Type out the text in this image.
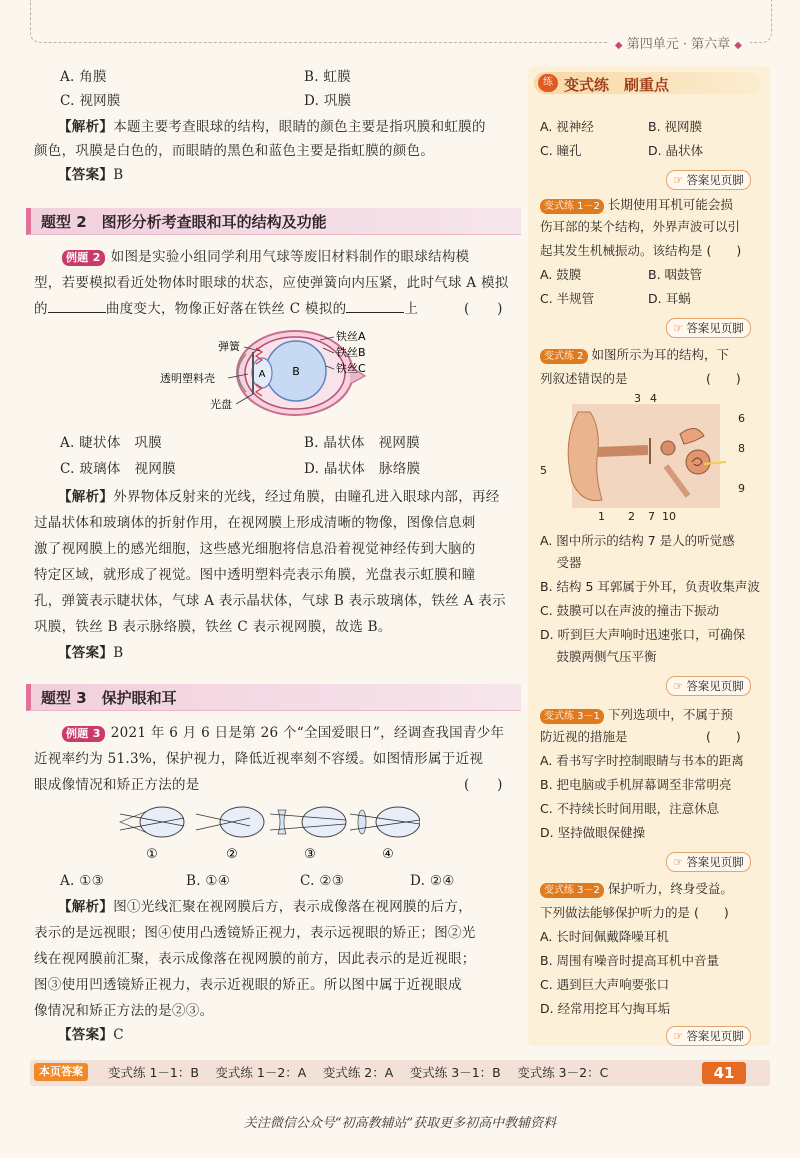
◆ 第四单元 · 第六章 ◆
A. 角膜	B. 虹膜
C. 视网膜	D. 巩膜
【解析】本题主要考查眼球的结构，眼睛的颜色主要是指巩膜和虹膜的
颜色，巩膜是白色的，而眼睛的黑色和蓝色主要是指虹膜的颜色。
【答案】B
题型 2　图形分析考查眼和耳的结构及功能
例题 2 如图是实验小组同学利用气球等废旧材料制作的眼球结构模
型，若要模拟看近处物体时眼球的状态，应使弹簧向内压紧，此时气球 A 模拟
的	曲度变大，物像正好落在铁丝 C 模拟的	上	(　　)
A B
弹簧
透明塑料壳
光盘
铁丝A
铁丝B
铁丝C
A. 睫状体　巩膜	B. 晶状体　视网膜
C. 玻璃体　视网膜	D. 晶状体　脉络膜
【解析】外界物体反射来的光线，经过角膜，由瞳孔进入眼球内部，再经
过晶状体和玻璃体的折射作用，在视网膜上形成清晰的物像，图像信息刺
激了视网膜上的感光细胞，这些感光细胞将信息沿着视觉神经传到大脑的
特定区域，就形成了视觉。图中透明塑料壳表示角膜，光盘表示虹膜和瞳
孔，弹簧表示睫状体，气球 A 表示晶状体，气球 B 表示玻璃体，铁丝 A 表示
巩膜，铁丝 B 表示脉络膜，铁丝 C 表示视网膜，故选 B。
【答案】B
题型 3　保护眼和耳
例题 3 2021 年 6 月 6 日是第 26 个“全国爱眼日”，经调查我国青少年
近视率约为 51.3%，保护视力，降低近视率刻不容缓。如图情形属于近视
眼成像情况和矫正方法的是	(　　)
①	②	③	④
A. ①③	B. ①④	C. ②③	D. ②④
【解析】图①光线汇聚在视网膜后方，表示成像落在视网膜的后方，
表示的是远视眼；图④使用凸透镜矫正视力，表示远视眼的矫正；图②光
线在视网膜前汇聚，表示成像落在视网膜的前方，因此表示的是近视眼；
图③使用凹透镜矫正视力，表示近视眼的矫正。所以图中属于近视眼成
像情况和矫正方法的是②③。
【答案】C
练 变式练　刷重点
A. 视神经	B. 视网膜
C. 瞳孔	D. 晶状体
☞ 答案见页脚
变式练 1－2 长期使用耳机可能会损
伤耳部的某个结构，外界声波可以引
起其发生机械振动。该结构是 (　　)
A. 鼓膜	B. 咽鼓管
C. 半规管	D. 耳蜗
☞ 答案见页脚
变式练 2 如图所示为耳的结构，下
列叙述错误的是	(　　)
1 2
3 4
5
6
7
8
9
10
A. 图中所示的结构 7 是人的听觉感
　 受器
B. 结构 5 耳郭属于外耳，负责收集声波
C. 鼓膜可以在声波的撞击下振动
D. 听到巨大声响时迅速张口，可确保
　 鼓膜两侧气压平衡
☞ 答案见页脚
变式练 3－1 下列选项中，不属于预
防近视的措施是	(　　)
A. 看书写字时控制眼睛与书本的距离
B. 把电脑或手机屏幕调至非常明亮
C. 不持续长时间用眼，注意休息
D. 坚持做眼保健操
☞ 答案见页脚
变式练 3－2 保护听力，终身受益。
下列做法能够保护听力的是 (　　)
A. 长时间佩戴降噪耳机
B. 周围有噪音时提高耳机中音量
C. 遇到巨大声响要张口
D. 经常用挖耳勺掏耳垢
☞ 答案见页脚
本页答案	变式练 1－1：B　 变式练 1－2：A　 变式练 2：A　 变式练 3－1：B　 变式练 3－2：C	41
关注微信公众号“初高教辅站”获取更多初高中教辅资料
